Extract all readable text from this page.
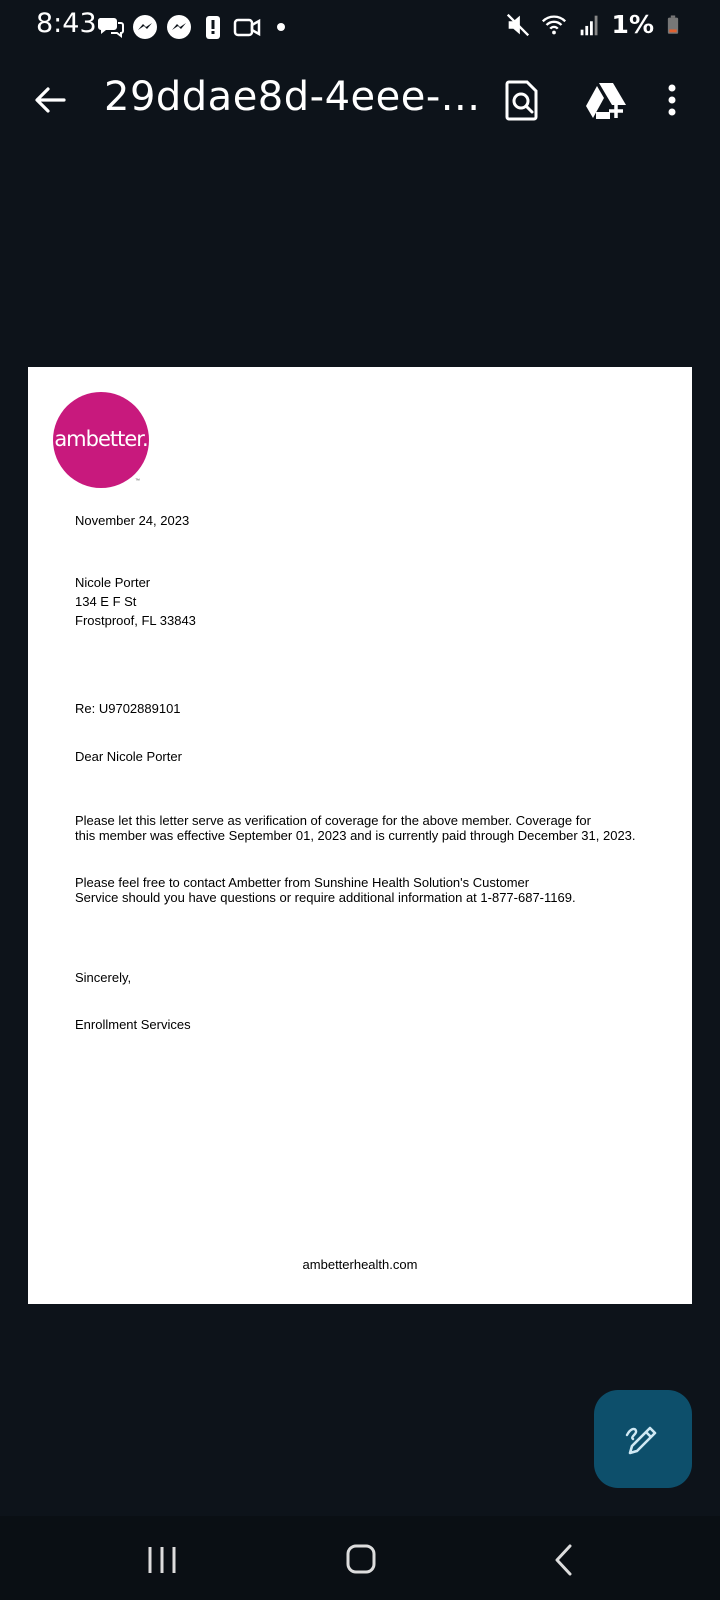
8:43	1%
29ddae8d-4eee-...
ambetter.
™
November 24, 2023
Nicole Porter
134 E F St
Frostproof, FL 33843
Re: U9702889101
Dear Nicole Porter
Please let this letter serve as verification of coverage for the above member. Coverage for
this member was effective September 01, 2023 and is currently paid through December 31, 2023.
Please feel free to contact Ambetter from Sunshine Health Solution's Customer
Service should you have questions or require additional information at 1-877-687-1169.
Sincerely,
Enrollment Services
ambetterhealth.com
